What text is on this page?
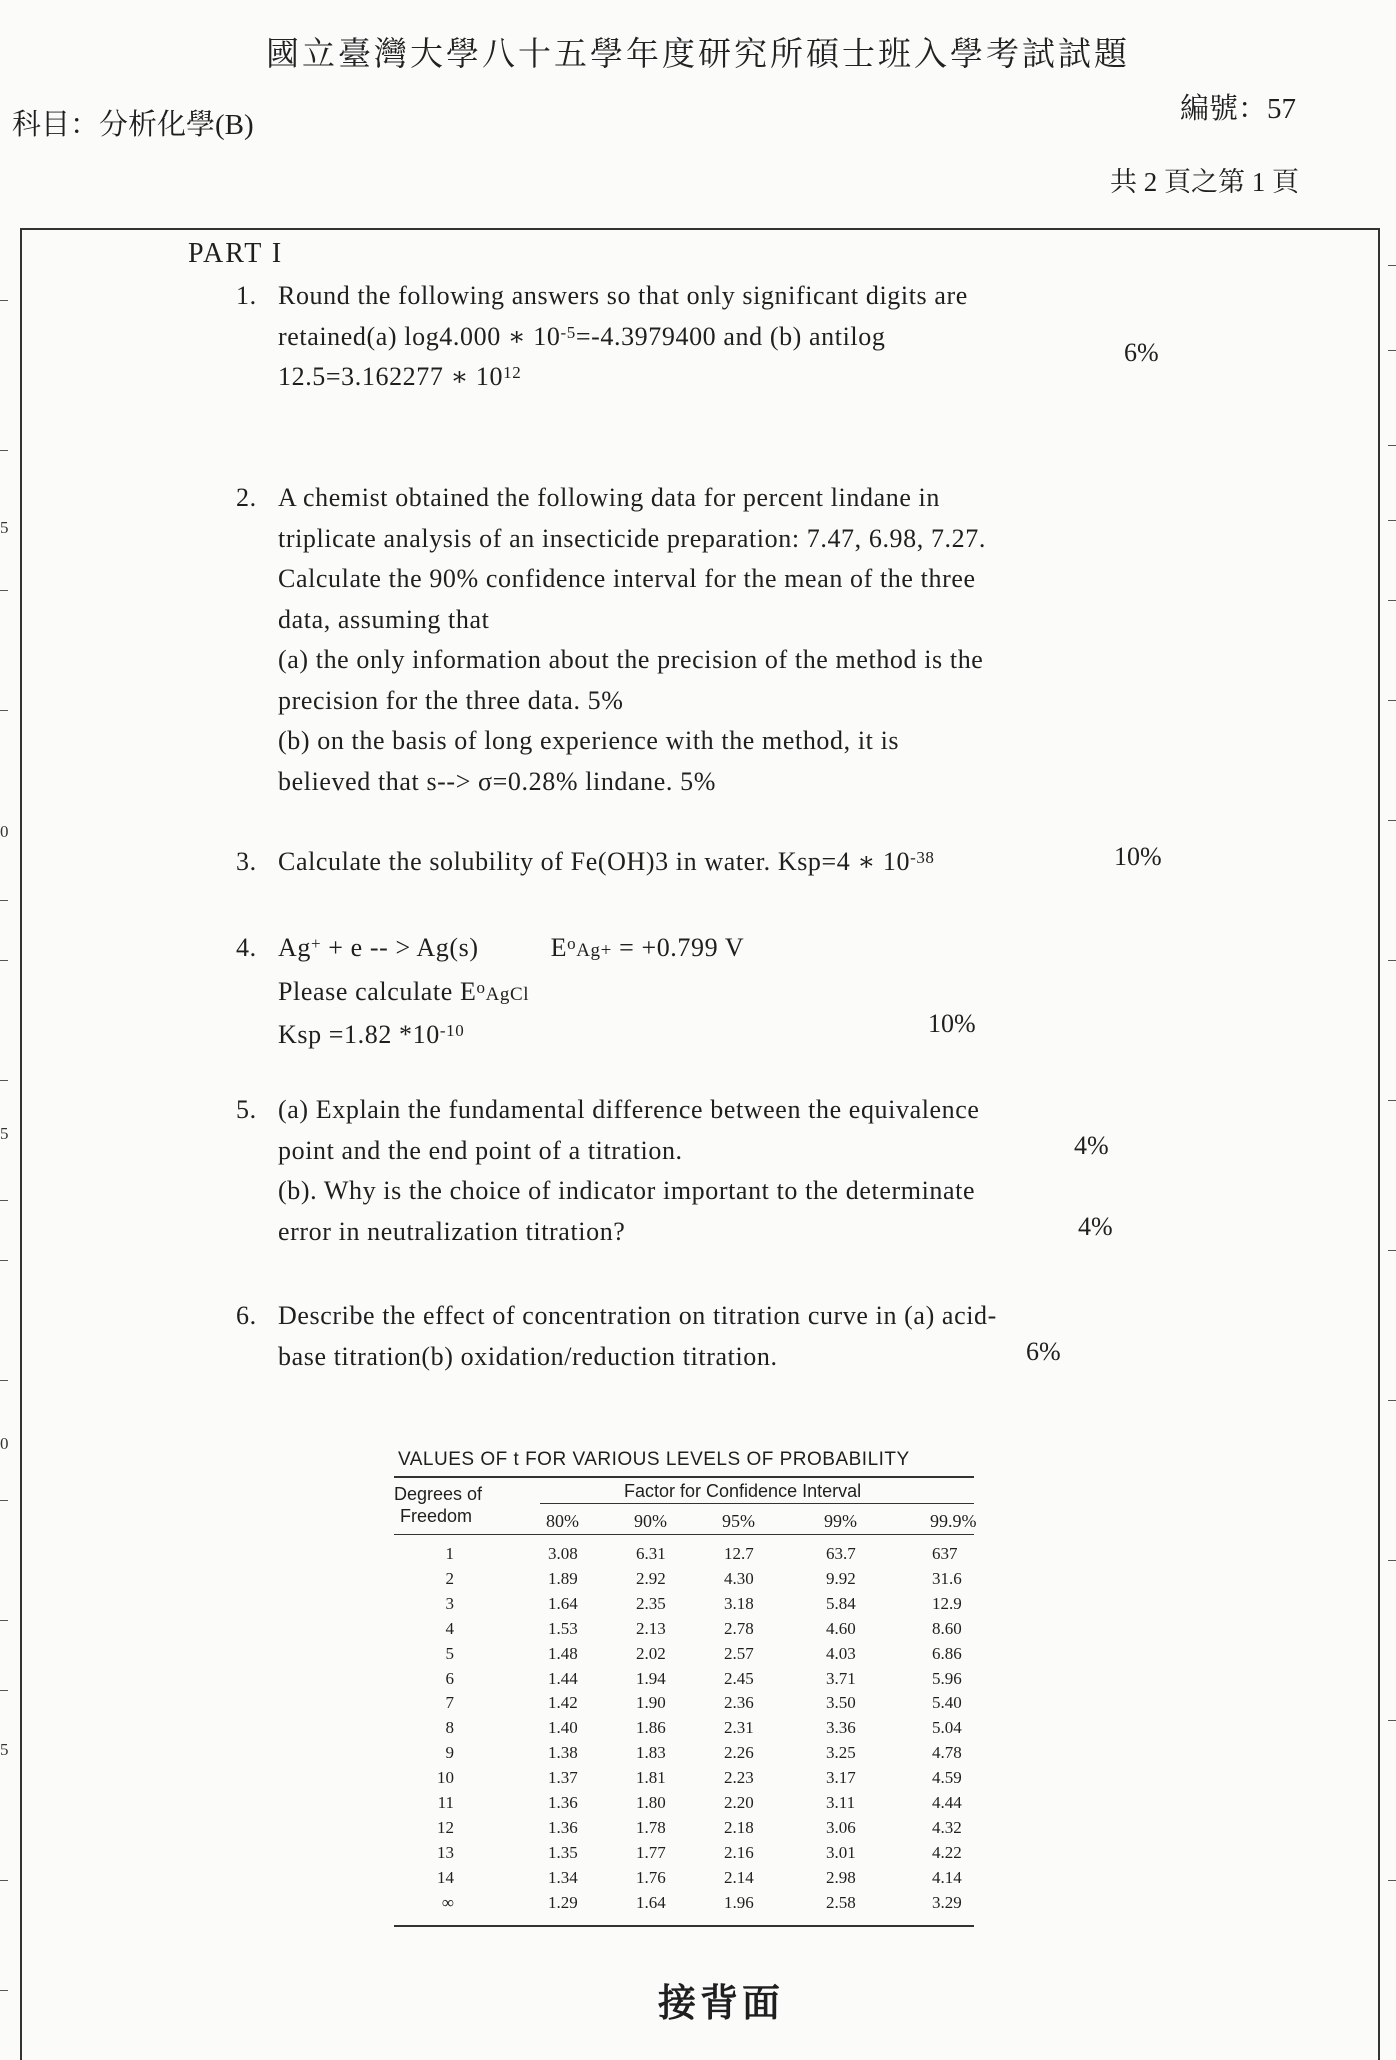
國立臺灣大學八十五學年度研究所碩士班入學考試試題
科目：分析化學(B)	編號：57
共 2 頁之第 1 頁
5
0
5
0
5
PART I
1. Round the following answers so that only significant digits are
retained(a) log4.000 ∗ $10^{-5}=-4.3979400$ and (b) antilog
12.5=3.162277 ∗ $10^{12}$
6%
2. A chemist obtained the following data for percent lindane in
triplicate analysis of an insecticide preparation: 7.47, 6.98, 7.27.
Calculate the 90% confidence interval for the mean of the three
data, assuming that
(a) the only information about the precision of the method is the
precision for the three data. 5%
(b) on the basis of long experience with the method, it is
believed that s--> σ=0.28% lindane. 5%
3. Calculate the solubility of Fe(OH)3 in water. Ksp=4 ∗ $10^{-38}$	10%
4. Ag+ + e -- > Ag(s)	$E^oAg+ = +0.799$ V
Please calculate $E^oAgCl$
Ksp =1.82 $*10^{-10}$	10%
5. (a) Explain the fundamental difference between the equivalence
point and the end point of a titration.
(b). Why is the choice of indicator important to the determinate
error in neutralization titration?
4%
4%
6. Describe the effect of concentration on titration curve in (a) acid-
base titration(b) oxidation/reduction titration.	6%
VALUES OF t FOR VARIOUS LEVELS OF PROBABILITY
Degrees of
Freedom
Factor for Confidence Interval
80%	90%	95%	99%	99.9%
1	3.08	6.31	12.7	63.7	637
2	1.89	2.92	4.30	9.92	31.6
3	1.64	2.35	3.18	5.84	12.9
4	1.53	2.13	2.78	4.60	8.60
5	1.48	2.02	2.57	4.03	6.86
6	1.44	1.94	2.45	3.71	5.96
7	1.42	1.90	2.36	3.50	5.40
8	1.40	1.86	2.31	3.36	5.04
9	1.38	1.83	2.26	3.25	4.78
10	1.37	1.81	2.23	3.17	4.59
11	1.36	1.80	2.20	3.11	4.44
12	1.36	1.78	2.18	3.06	4.32
13	1.35	1.77	2.16	3.01	4.22
14	1.34	1.76	2.14	2.98	4.14
∞	1.29	1.64	1.96	2.58	3.29
接背面
